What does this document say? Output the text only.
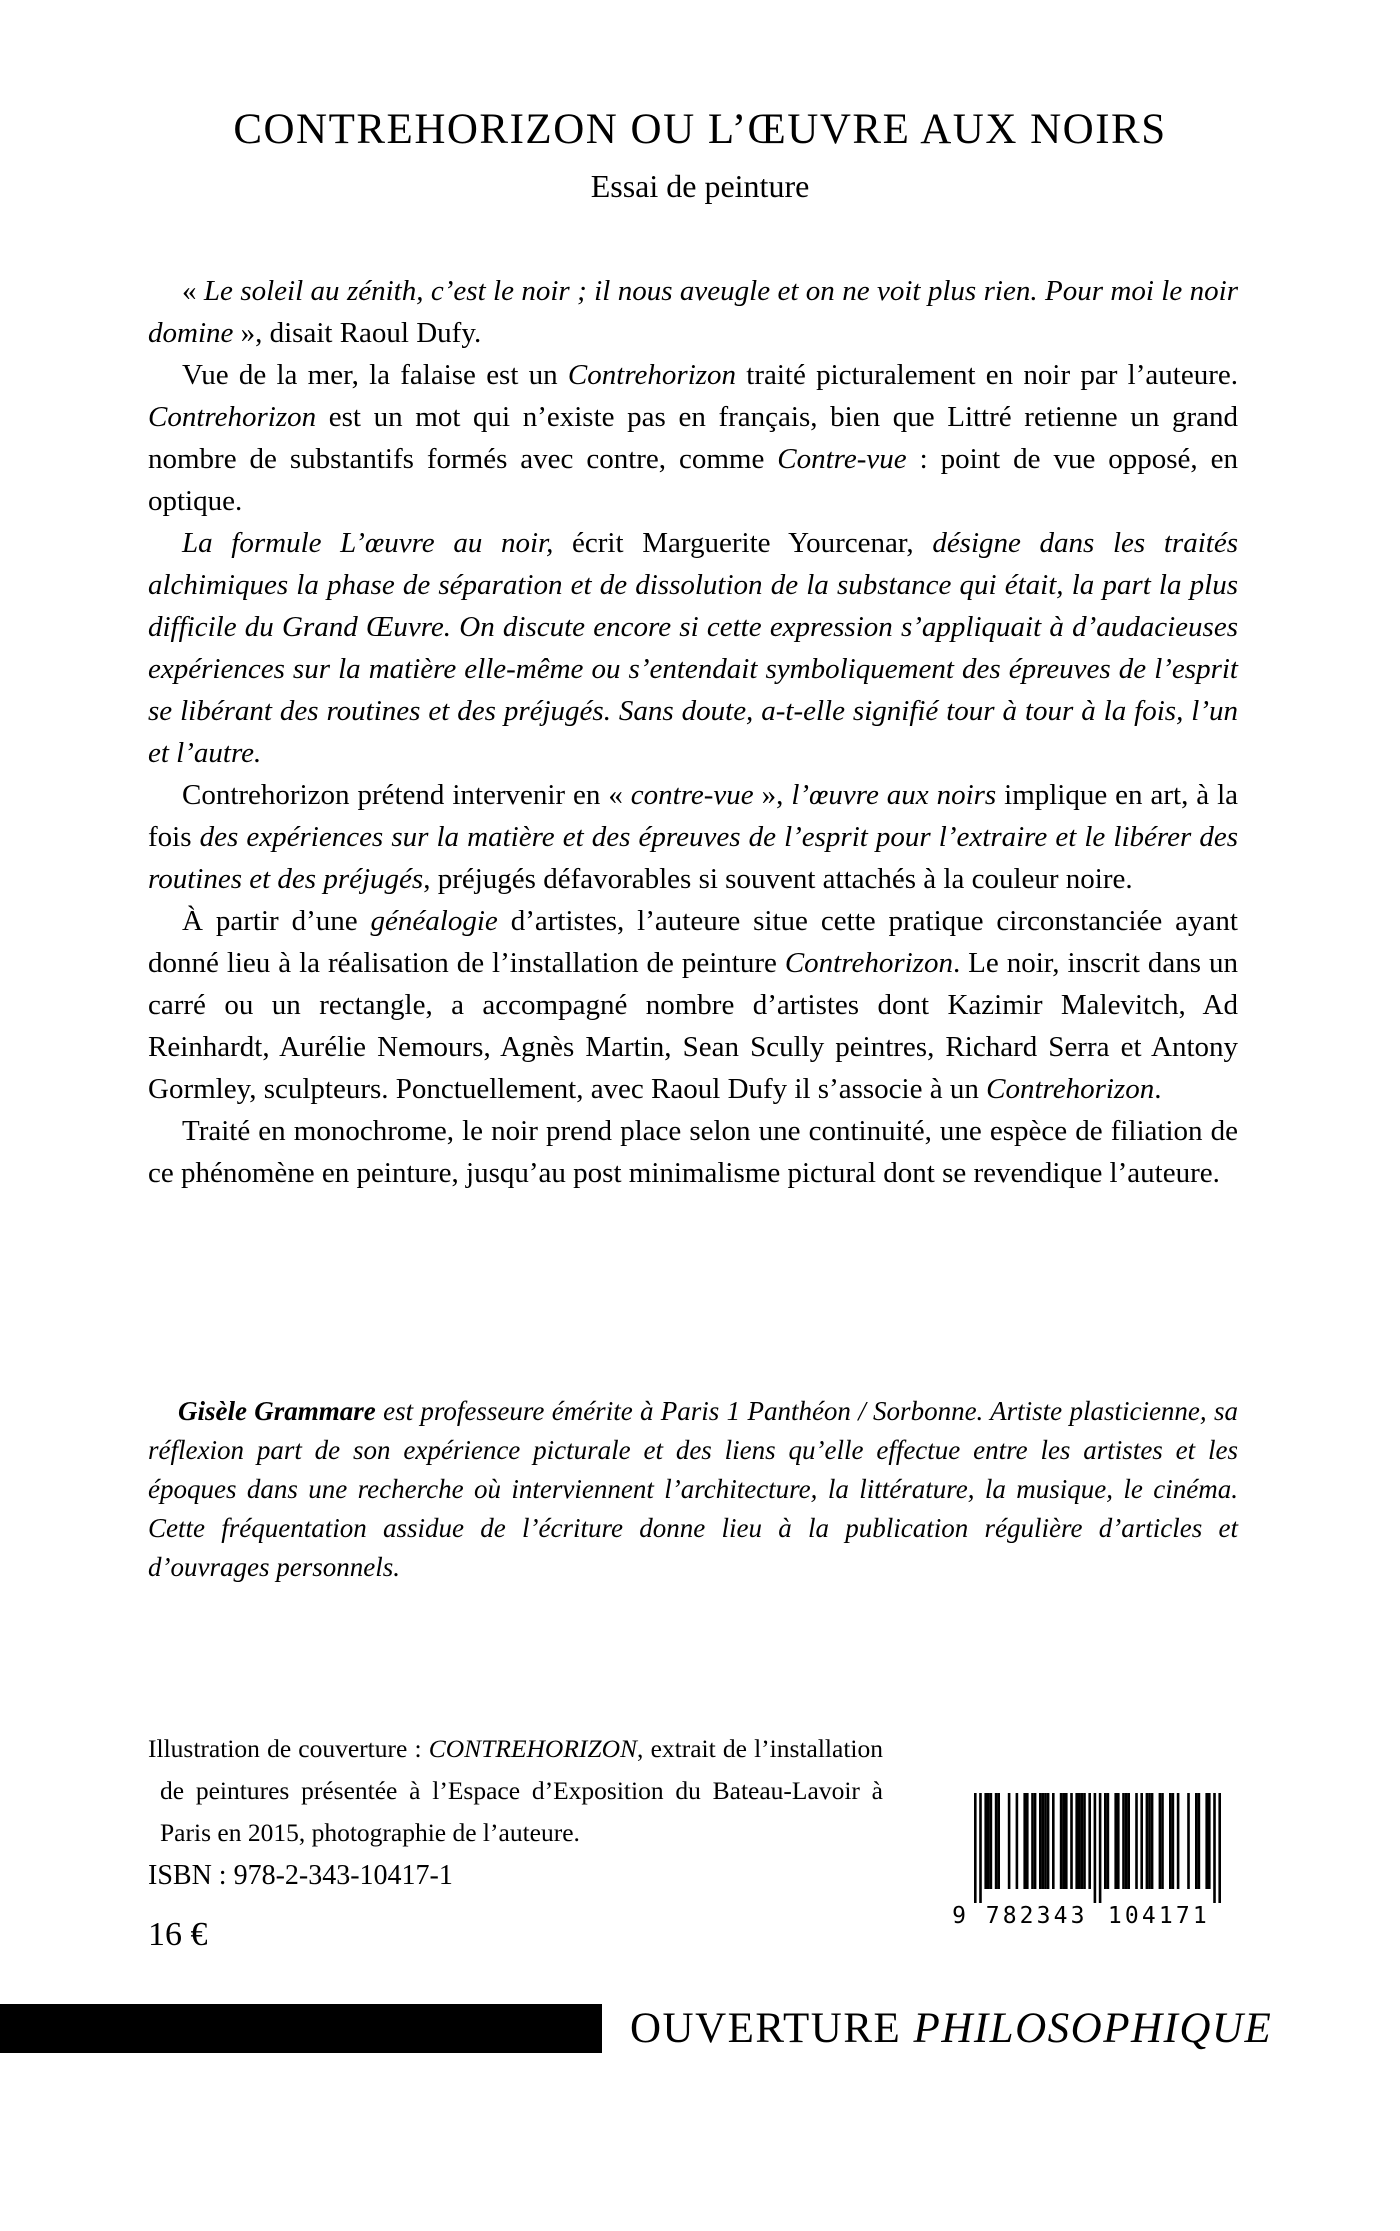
CONTREHORIZON OU L’ŒUVRE AUX NOIRS
Essai de peinture

« Le soleil au zénith, c’est le noir ; il nous aveugle et on ne voit plus rien. Pour moi le noir domine », disait Raoul Dufy.

Vue de la mer, la falaise est un Contrehorizon traité picturalement en noir par l’auteure. Contrehorizon est un mot qui n’existe pas en français, bien que Littré retienne un grand nombre de substantifs formés avec contre, comme Contre-vue : point de vue opposé, en optique.

La formule L’œuvre au noir, écrit Marguerite Yourcenar, désigne dans les traités alchimiques la phase de séparation et de dissolution de la substance qui était, la part la plus difficile du Grand Œuvre. On discute encore si cette expression s’appliquait à d’audacieuses expériences sur la matière elle-même ou s’entendait symboliquement des épreuves de l’esprit se libérant des routines et des préjugés. Sans doute, a-t-elle signifié tour à tour à la fois, l’un et l’autre.

Contrehorizon prétend intervenir en « contre-vue », l’œuvre aux noirs implique en art, à la fois des expériences sur la matière et des épreuves de l’esprit pour l’extraire et le libérer des routines et des préjugés, préjugés défavorables si souvent attachés à la couleur noire.

À partir d’une généalogie d’artistes, l’auteure situe cette pratique circonstanciée ayant donné lieu à la réalisation de l’installation de peinture Contrehorizon. Le noir, inscrit dans un carré ou un rectangle, a accompagné nombre d’artistes dont Kazimir Malevitch, Ad Reinhardt, Aurélie Nemours, Agnès Martin, Sean Scully peintres, Richard Serra et Antony Gormley, sculpteurs. Ponctuellement, avec Raoul Dufy il s’associe à un Contrehorizon.

Traité en monochrome, le noir prend place selon une continuité, une espèce de filiation de ce phénomène en peinture, jusqu’au post minimalisme pictural dont se revendique l’auteure.

Gisèle Grammare est professeure émérite à Paris 1 Panthéon / Sorbonne. Artiste plasticienne, sa réflexion part de son expérience picturale et des liens qu’elle effectue entre les artistes et les époques dans une recherche où interviennent l’architecture, la littérature, la musique, le cinéma. Cette fréquentation assidue de l’écriture donne lieu à la publication régulière d’articles et d’ouvrages personnels.
Illustration de couverture : CONTREHORIZON, extrait de l’installation de peintures présentée à l’Espace d’Exposition du Bateau-Lavoir à Paris en 2015, photographie de l’auteure.
ISBN : 978-2-343-10417-1
16 €	9 782343 104171
OUVERTURE PHILOSOPHIQUE
